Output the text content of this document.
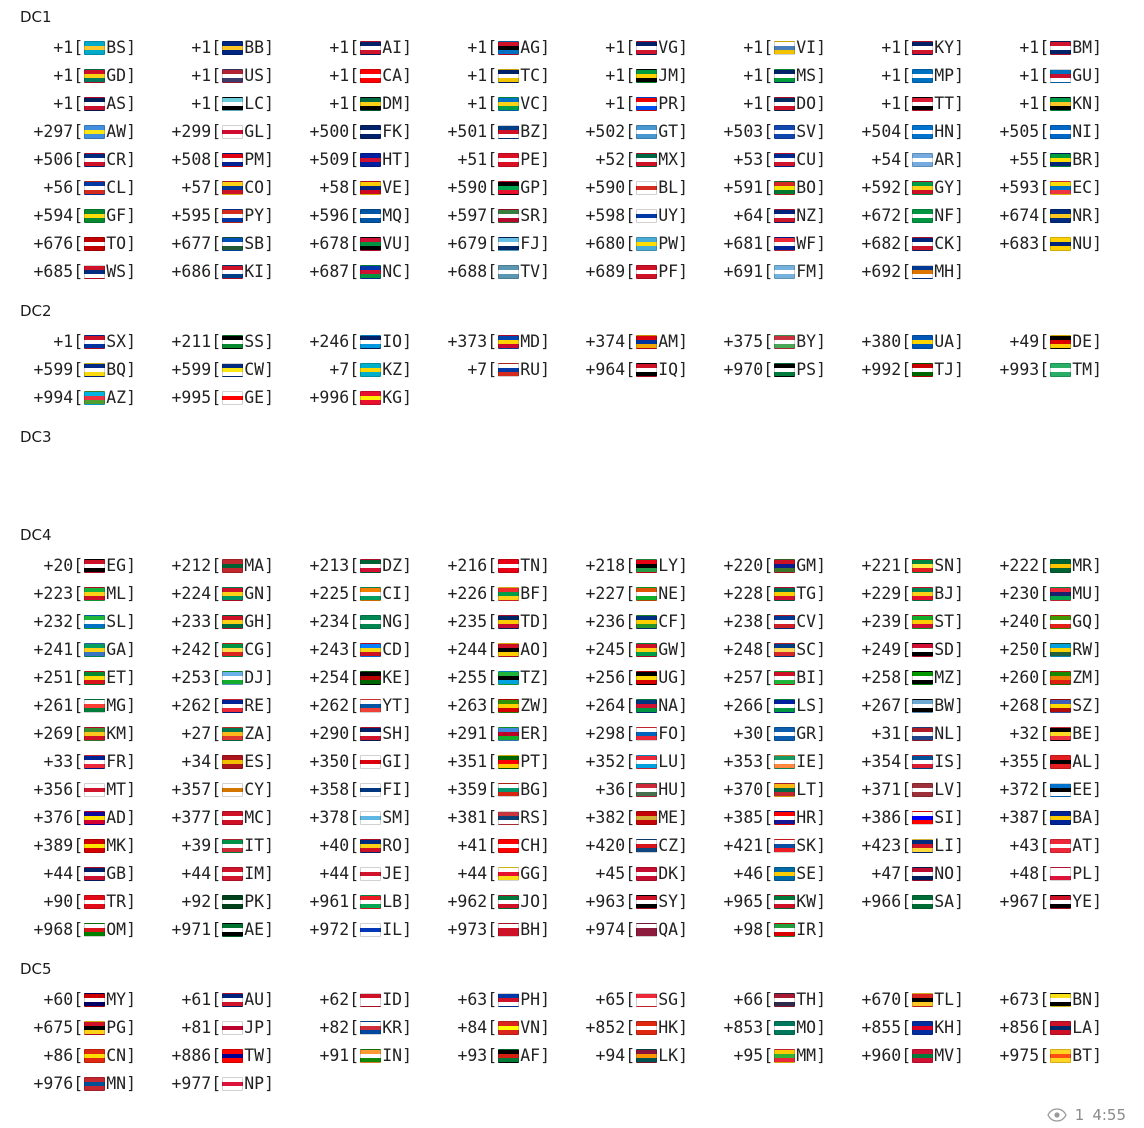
DC1
+1[ BS]	+1[ BB]	+1[ AI]	+1[ AG]	+1[ VG]	+1[ VI]	+1[ KY]	+1[ BM]
+1[ GD]	+1[ US]	+1[ CA]	+1[ TC]	+1[ JM]	+1[ MS]	+1[ MP]	+1[ GU]
+1[ AS]	+1[ LC]	+1[ DM]	+1[ VC]	+1[ PR]	+1[ DO]	+1[ TT]	+1[ KN]
+297[ AW]	+299[ GL]	+500[ FK]	+501[ BZ]	+502[ GT]	+503[ SV]	+504[ HN]	+505[ NI]
+506[ CR]	+508[ PM]	+509[ HT]	+51[ PE]	+52[ MX]	+53[ CU]	+54[ AR]	+55[ BR]
+56[ CL]	+57[ CO]	+58[ VE]	+590[ GP]	+590[ BL]	+591[ BO]	+592[ GY]	+593[ EC]
+594[ GF]	+595[ PY]	+596[ MQ]	+597[ SR]	+598[ UY]	+64[ NZ]	+672[ NF]	+674[ NR]
+676[ TO]	+677[ SB]	+678[ VU]	+679[ FJ]	+680[ PW]	+681[ WF]	+682[ CK]	+683[ NU]
+685[ WS]	+686[ KI]	+687[ NC]	+688[ TV]	+689[ PF]	+691[ FM]	+692[ MH]
DC2
+1[ SX]	+211[ SS]	+246[ IO]	+373[ MD]	+374[ AM]	+375[ BY]	+380[ UA]	+49[ DE]
+599[ BQ]	+599[ CW]	+7[ KZ]	+7[ RU]	+964[ IQ]	+970[ PS]	+992[ TJ]	+993[ TM]
+994[ AZ]	+995[ GE]	+996[ KG]
DC3
DC4
+20[ EG]	+212[ MA]	+213[ DZ]	+216[ TN]	+218[ LY]	+220[ GM]	+221[ SN]	+222[ MR]
+223[ ML]	+224[ GN]	+225[ CI]	+226[ BF]	+227[ NE]	+228[ TG]	+229[ BJ]	+230[ MU]
+232[ SL]	+233[ GH]	+234[ NG]	+235[ TD]	+236[ CF]	+238[ CV]	+239[ ST]	+240[ GQ]
+241[ GA]	+242[ CG]	+243[ CD]	+244[ AO]	+245[ GW]	+248[ SC]	+249[ SD]	+250[ RW]
+251[ ET]	+253[ DJ]	+254[ KE]	+255[ TZ]	+256[ UG]	+257[ BI]	+258[ MZ]	+260[ ZM]
+261[ MG]	+262[ RE]	+262[ YT]	+263[ ZW]	+264[ NA]	+266[ LS]	+267[ BW]	+268[ SZ]
+269[ KM]	+27[ ZA]	+290[ SH]	+291[ ER]	+298[ FO]	+30[ GR]	+31[ NL]	+32[ BE]
+33[ FR]	+34[ ES]	+350[ GI]	+351[ PT]	+352[ LU]	+353[ IE]	+354[ IS]	+355[ AL]
+356[ MT]	+357[ CY]	+358[ FI]	+359[ BG]	+36[ HU]	+370[ LT]	+371[ LV]	+372[ EE]
+376[ AD]	+377[ MC]	+378[ SM]	+381[ RS]	+382[ ME]	+385[ HR]	+386[ SI]	+387[ BA]
+389[ MK]	+39[ IT]	+40[ RO]	+41[ CH]	+420[ CZ]	+421[ SK]	+423[ LI]	+43[ AT]
+44[ GB]	+44[ IM]	+44[ JE]	+44[ GG]	+45[ DK]	+46[ SE]	+47[ NO]	+48[ PL]
+90[ TR]	+92[ PK]	+961[ LB]	+962[ JO]	+963[ SY]	+965[ KW]	+966[ SA]	+967[ YE]
+968[ OM]	+971[ AE]	+972[ IL]	+973[ BH]	+974[ QA]	+98[ IR]
DC5
+60[ MY]	+61[ AU]	+62[ ID]	+63[ PH]	+65[ SG]	+66[ TH]	+670[ TL]	+673[ BN]
+675[ PG]	+81[ JP]	+82[ KR]	+84[ VN]	+852[ HK]	+853[ MO]	+855[ KH]	+856[ LA]
+86[ CN]	+886[ TW]	+91[ IN]	+93[ AF]	+94[ LK]	+95[ MM]	+960[ MV]	+975[ BT]
+976[ MN]	+977[ NP]
1 4:55
